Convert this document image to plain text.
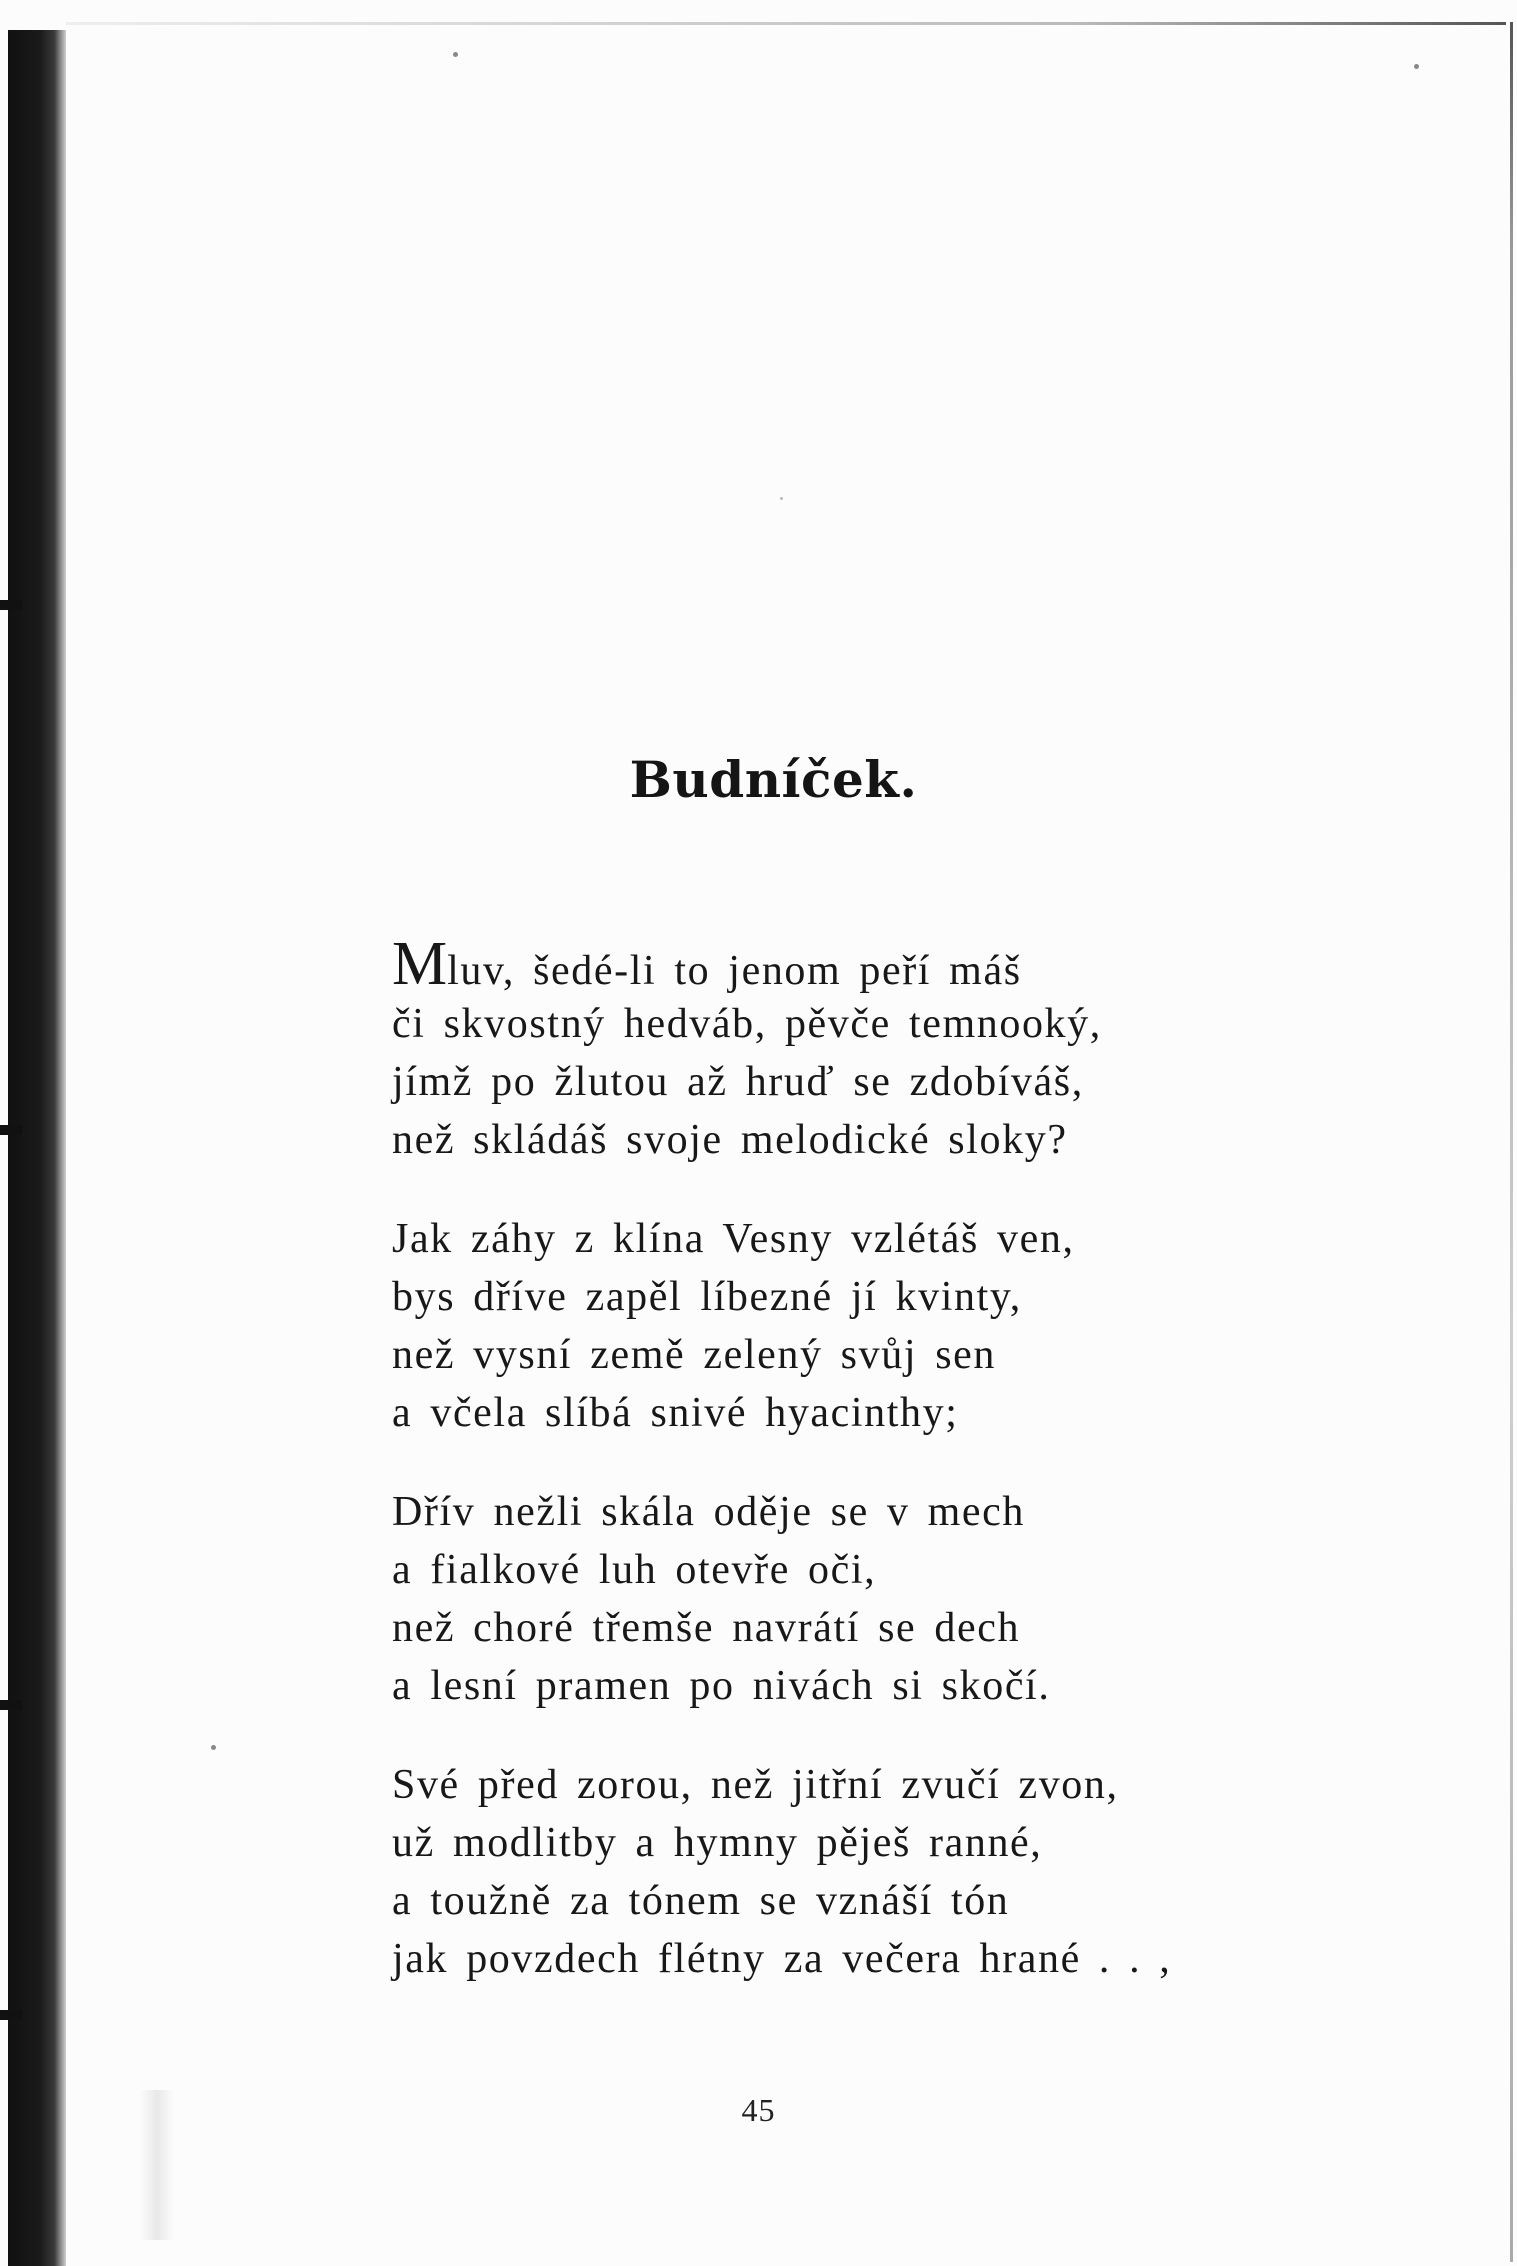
Budníček.
Mluv, šedé-li to jenom peří máš
či skvostný hedváb, pěvče temnooký,
jímž po žlutou až hruď se zdobíváš,
než skládáš svoje melodické sloky?
Jak záhy z klína Vesny vzlétáš ven,
bys dříve zapěl líbezné jí kvinty,
než vysní země zelený svůj sen
a včela slíbá snivé hyacinthy;
Dřív nežli skála oděje se v mech
a fialkové luh otevře oči,
než choré třemše navrátí se dech
a lesní pramen po nivách si skočí.
Své před zorou, než jitřní zvučí zvon,
už modlitby a hymny pěješ ranné,
a toužně za tónem se vznáší tón
jak povzdech flétny za večera hrané . . ,
45
